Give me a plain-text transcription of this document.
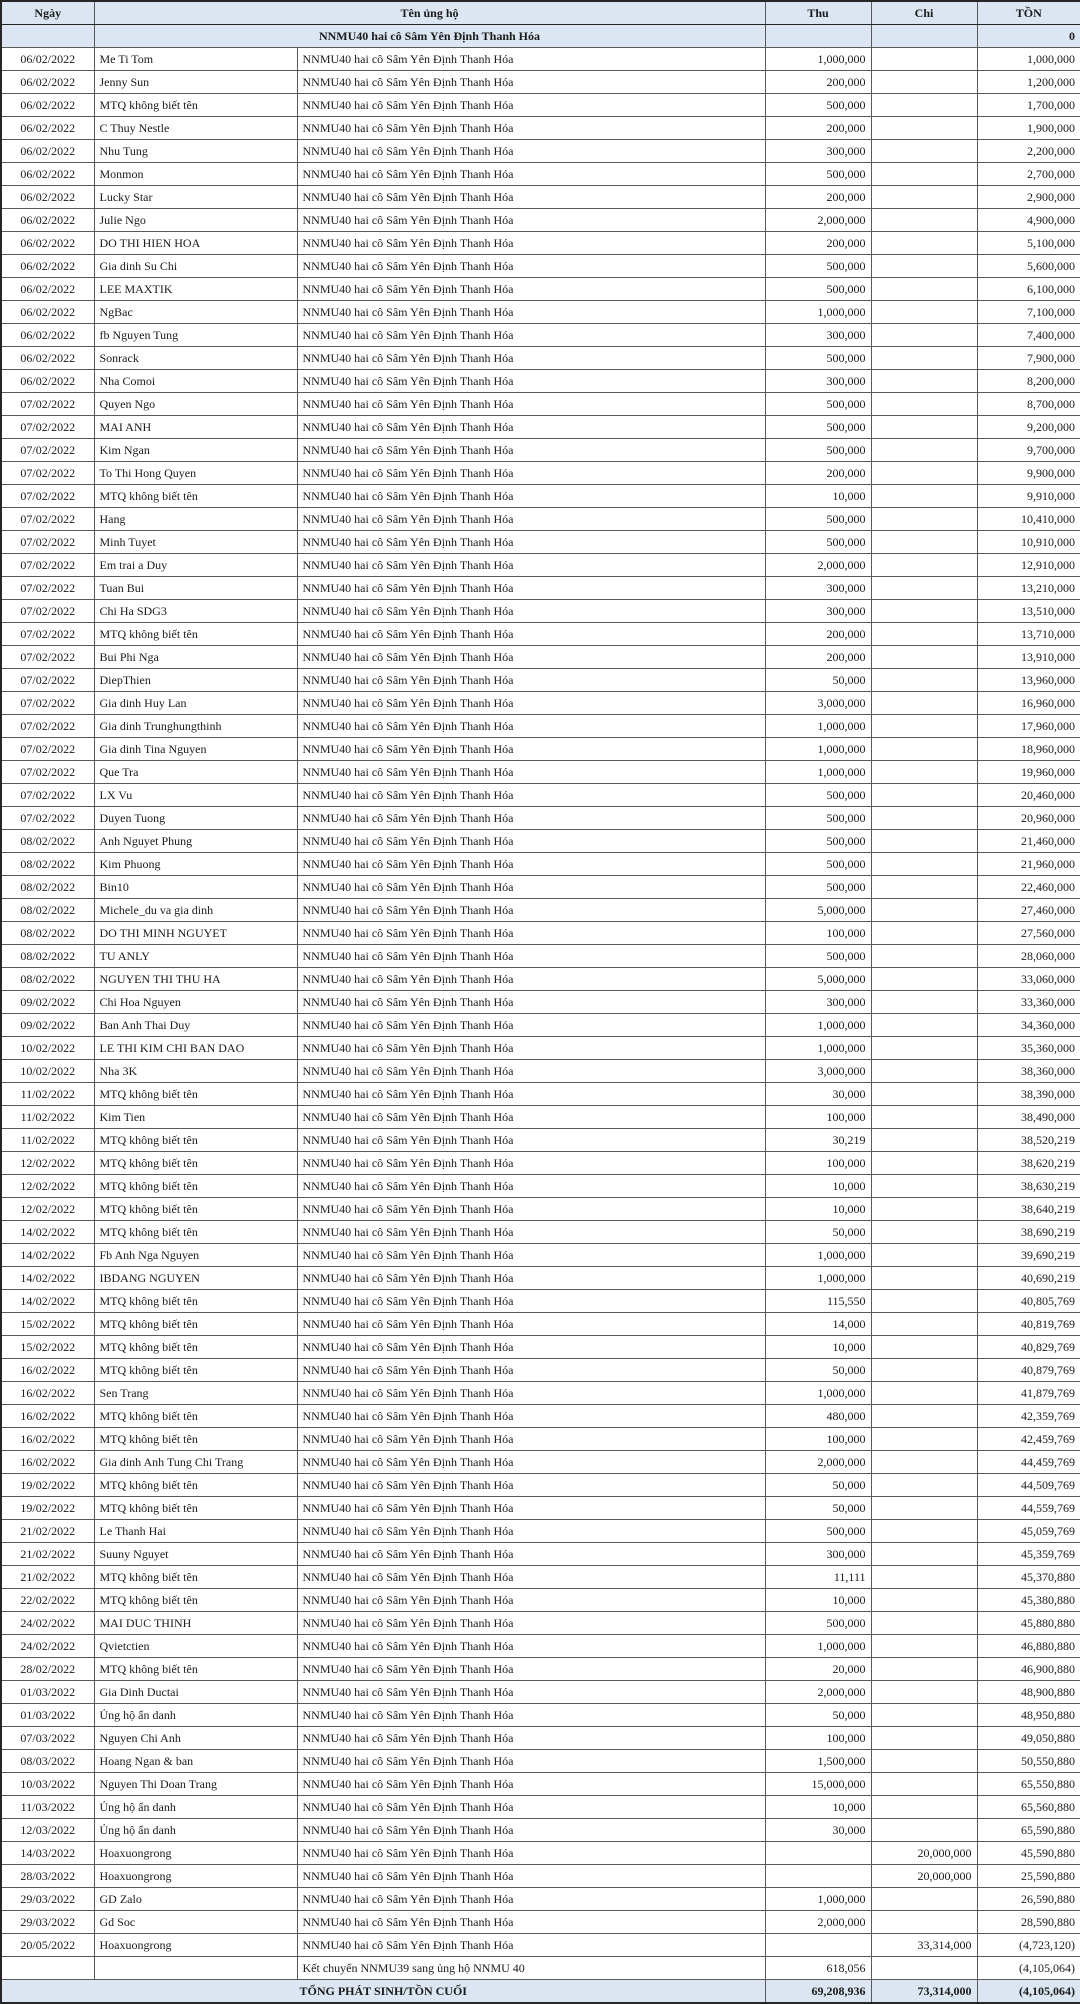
Ngày	Tên ủng hộ		Thu	Chi	TỒN
	NNMU40 hai cô Sâm Yên Định Thanh Hóa				0
06/02/2022	Me Ti Tom	NNMU40 hai cô Sâm Yên Định Thanh Hóa	1,000,000		1,000,000
06/02/2022	Jenny Sun	NNMU40 hai cô Sâm Yên Định Thanh Hóa	200,000		1,200,000
06/02/2022	MTQ không biết tên	NNMU40 hai cô Sâm Yên Định Thanh Hóa	500,000		1,700,000
06/02/2022	C Thuy Nestle	NNMU40 hai cô Sâm Yên Định Thanh Hóa	200,000		1,900,000
06/02/2022	Nhu Tung	NNMU40 hai cô Sâm Yên Định Thanh Hóa	300,000		2,200,000
06/02/2022	Monmon	NNMU40 hai cô Sâm Yên Định Thanh Hóa	500,000		2,700,000
06/02/2022	Lucky Star	NNMU40 hai cô Sâm Yên Định Thanh Hóa	200,000		2,900,000
06/02/2022	Julie Ngo	NNMU40 hai cô Sâm Yên Định Thanh Hóa	2,000,000		4,900,000
06/02/2022	DO THI HIEN HOA	NNMU40 hai cô Sâm Yên Định Thanh Hóa	200,000		5,100,000
06/02/2022	Gia dinh Su Chi	NNMU40 hai cô Sâm Yên Định Thanh Hóa	500,000		5,600,000
06/02/2022	LEE MAXTIK	NNMU40 hai cô Sâm Yên Định Thanh Hóa	500,000		6,100,000
06/02/2022	NgBac	NNMU40 hai cô Sâm Yên Định Thanh Hóa	1,000,000		7,100,000
06/02/2022	fb Nguyen Tung	NNMU40 hai cô Sâm Yên Định Thanh Hóa	300,000		7,400,000
06/02/2022	Sonrack	NNMU40 hai cô Sâm Yên Định Thanh Hóa	500,000		7,900,000
06/02/2022	Nha Comoi	NNMU40 hai cô Sâm Yên Định Thanh Hóa	300,000		8,200,000
07/02/2022	Quyen Ngo	NNMU40 hai cô Sâm Yên Định Thanh Hóa	500,000		8,700,000
07/02/2022	MAI ANH	NNMU40 hai cô Sâm Yên Định Thanh Hóa	500,000		9,200,000
07/02/2022	Kim Ngan	NNMU40 hai cô Sâm Yên Định Thanh Hóa	500,000		9,700,000
07/02/2022	To Thi Hong Quyen	NNMU40 hai cô Sâm Yên Định Thanh Hóa	200,000		9,900,000
07/02/2022	MTQ không biết tên	NNMU40 hai cô Sâm Yên Định Thanh Hóa	10,000		9,910,000
07/02/2022	Hang	NNMU40 hai cô Sâm Yên Định Thanh Hóa	500,000		10,410,000
07/02/2022	Minh Tuyet	NNMU40 hai cô Sâm Yên Định Thanh Hóa	500,000		10,910,000
07/02/2022	Em trai a Duy	NNMU40 hai cô Sâm Yên Định Thanh Hóa	2,000,000		12,910,000
07/02/2022	Tuan Bui	NNMU40 hai cô Sâm Yên Định Thanh Hóa	300,000		13,210,000
07/02/2022	Chi Ha SDG3	NNMU40 hai cô Sâm Yên Định Thanh Hóa	300,000		13,510,000
07/02/2022	MTQ không biết tên	NNMU40 hai cô Sâm Yên Định Thanh Hóa	200,000		13,710,000
07/02/2022	Bui Phi Nga	NNMU40 hai cô Sâm Yên Định Thanh Hóa	200,000		13,910,000
07/02/2022	DiepThien	NNMU40 hai cô Sâm Yên Định Thanh Hóa	50,000		13,960,000
07/02/2022	Gia dinh Huy Lan	NNMU40 hai cô Sâm Yên Định Thanh Hóa	3,000,000		16,960,000
07/02/2022	Gia dinh Trunghungthinh	NNMU40 hai cô Sâm Yên Định Thanh Hóa	1,000,000		17,960,000
07/02/2022	Gia dinh Tina Nguyen	NNMU40 hai cô Sâm Yên Định Thanh Hóa	1,000,000		18,960,000
07/02/2022	Que Tra	NNMU40 hai cô Sâm Yên Định Thanh Hóa	1,000,000		19,960,000
07/02/2022	LX Vu	NNMU40 hai cô Sâm Yên Định Thanh Hóa	500,000		20,460,000
07/02/2022	Duyen Tuong	NNMU40 hai cô Sâm Yên Định Thanh Hóa	500,000		20,960,000
08/02/2022	Anh Nguyet Phung	NNMU40 hai cô Sâm Yên Định Thanh Hóa	500,000		21,460,000
08/02/2022	Kim Phuong	NNMU40 hai cô Sâm Yên Định Thanh Hóa	500,000		21,960,000
08/02/2022	Bin10	NNMU40 hai cô Sâm Yên Định Thanh Hóa	500,000		22,460,000
08/02/2022	Michele_du va gia dinh	NNMU40 hai cô Sâm Yên Định Thanh Hóa	5,000,000		27,460,000
08/02/2022	DO THI MINH NGUYET	NNMU40 hai cô Sâm Yên Định Thanh Hóa	100,000		27,560,000
08/02/2022	TU ANLY	NNMU40 hai cô Sâm Yên Định Thanh Hóa	500,000		28,060,000
08/02/2022	NGUYEN THI THU HA	NNMU40 hai cô Sâm Yên Định Thanh Hóa	5,000,000		33,060,000
09/02/2022	Chi Hoa Nguyen	NNMU40 hai cô Sâm Yên Định Thanh Hóa	300,000		33,360,000
09/02/2022	Ban Anh Thai Duy	NNMU40 hai cô Sâm Yên Định Thanh Hóa	1,000,000		34,360,000
10/02/2022	LE THI KIM CHI BAN DAO	NNMU40 hai cô Sâm Yên Định Thanh Hóa	1,000,000		35,360,000
10/02/2022	Nha 3K	NNMU40 hai cô Sâm Yên Định Thanh Hóa	3,000,000		38,360,000
11/02/2022	MTQ không biết tên	NNMU40 hai cô Sâm Yên Định Thanh Hóa	30,000		38,390,000
11/02/2022	Kim Tien	NNMU40 hai cô Sâm Yên Định Thanh Hóa	100,000		38,490,000
11/02/2022	MTQ không biết tên	NNMU40 hai cô Sâm Yên Định Thanh Hóa	30,219		38,520,219
12/02/2022	MTQ không biết tên	NNMU40 hai cô Sâm Yên Định Thanh Hóa	100,000		38,620,219
12/02/2022	MTQ không biết tên	NNMU40 hai cô Sâm Yên Định Thanh Hóa	10,000		38,630,219
12/02/2022	MTQ không biết tên	NNMU40 hai cô Sâm Yên Định Thanh Hóa	10,000		38,640,219
14/02/2022	MTQ không biết tên	NNMU40 hai cô Sâm Yên Định Thanh Hóa	50,000		38,690,219
14/02/2022	Fb Anh Nga Nguyen	NNMU40 hai cô Sâm Yên Định Thanh Hóa	1,000,000		39,690,219
14/02/2022	IBDANG NGUYEN	NNMU40 hai cô Sâm Yên Định Thanh Hóa	1,000,000		40,690,219
14/02/2022	MTQ không biết tên	NNMU40 hai cô Sâm Yên Định Thanh Hóa	115,550		40,805,769
15/02/2022	MTQ không biết tên	NNMU40 hai cô Sâm Yên Định Thanh Hóa	14,000		40,819,769
15/02/2022	MTQ không biết tên	NNMU40 hai cô Sâm Yên Định Thanh Hóa	10,000		40,829,769
16/02/2022	MTQ không biết tên	NNMU40 hai cô Sâm Yên Định Thanh Hóa	50,000		40,879,769
16/02/2022	Sen Trang	NNMU40 hai cô Sâm Yên Định Thanh Hóa	1,000,000		41,879,769
16/02/2022	MTQ không biết tên	NNMU40 hai cô Sâm Yên Định Thanh Hóa	480,000		42,359,769
16/02/2022	MTQ không biết tên	NNMU40 hai cô Sâm Yên Định Thanh Hóa	100,000		42,459,769
16/02/2022	Gia dinh Anh Tung Chi Trang	NNMU40 hai cô Sâm Yên Định Thanh Hóa	2,000,000		44,459,769
19/02/2022	MTQ không biết tên	NNMU40 hai cô Sâm Yên Định Thanh Hóa	50,000		44,509,769
19/02/2022	MTQ không biết tên	NNMU40 hai cô Sâm Yên Định Thanh Hóa	50,000		44,559,769
21/02/2022	Le Thanh Hai	NNMU40 hai cô Sâm Yên Định Thanh Hóa	500,000		45,059,769
21/02/2022	Suuny Nguyet	NNMU40 hai cô Sâm Yên Định Thanh Hóa	300,000		45,359,769
21/02/2022	MTQ không biết tên	NNMU40 hai cô Sâm Yên Định Thanh Hóa	11,111		45,370,880
22/02/2022	MTQ không biết tên	NNMU40 hai cô Sâm Yên Định Thanh Hóa	10,000		45,380,880
24/02/2022	MAI DUC THINH	NNMU40 hai cô Sâm Yên Định Thanh Hóa	500,000		45,880,880
24/02/2022	Qvietctien	NNMU40 hai cô Sâm Yên Định Thanh Hóa	1,000,000		46,880,880
28/02/2022	MTQ không biết tên	NNMU40 hai cô Sâm Yên Định Thanh Hóa	20,000		46,900,880
01/03/2022	Gia Dinh Ductai	NNMU40 hai cô Sâm Yên Định Thanh Hóa	2,000,000		48,900,880
01/03/2022	Ủng hộ ẩn danh	NNMU40 hai cô Sâm Yên Định Thanh Hóa	50,000		48,950,880
07/03/2022	Nguyen Chi Anh	NNMU40 hai cô Sâm Yên Định Thanh Hóa	100,000		49,050,880
08/03/2022	Hoang Ngan & ban	NNMU40 hai cô Sâm Yên Định Thanh Hóa	1,500,000		50,550,880
10/03/2022	Nguyen Thi Doan Trang	NNMU40 hai cô Sâm Yên Định Thanh Hóa	15,000,000		65,550,880
11/03/2022	Ủng hộ ẩn danh	NNMU40 hai cô Sâm Yên Định Thanh Hóa	10,000		65,560,880
12/03/2022	Ủng hộ ẩn danh	NNMU40 hai cô Sâm Yên Định Thanh Hóa	30,000		65,590,880
14/03/2022	Hoaxuongrong	NNMU40 hai cô Sâm Yên Định Thanh Hóa		20,000,000	45,590,880
28/03/2022	Hoaxuongrong	NNMU40 hai cô Sâm Yên Định Thanh Hóa		20,000,000	25,590,880
29/03/2022	GD Zalo	NNMU40 hai cô Sâm Yên Định Thanh Hóa	1,000,000		26,590,880
29/03/2022	Gd Soc	NNMU40 hai cô Sâm Yên Định Thanh Hóa	2,000,000		28,590,880
20/05/2022	Hoaxuongrong	NNMU40 hai cô Sâm Yên Định Thanh Hóa		33,314,000	(4,723,120)
		Kết chuyển NNMU39 sang ủng hộ NNMU 40	618,056		(4,105,064)
TỔNG PHÁT SINH/TỒN CUỐI			69,208,936	73,314,000	(4,105,064)
